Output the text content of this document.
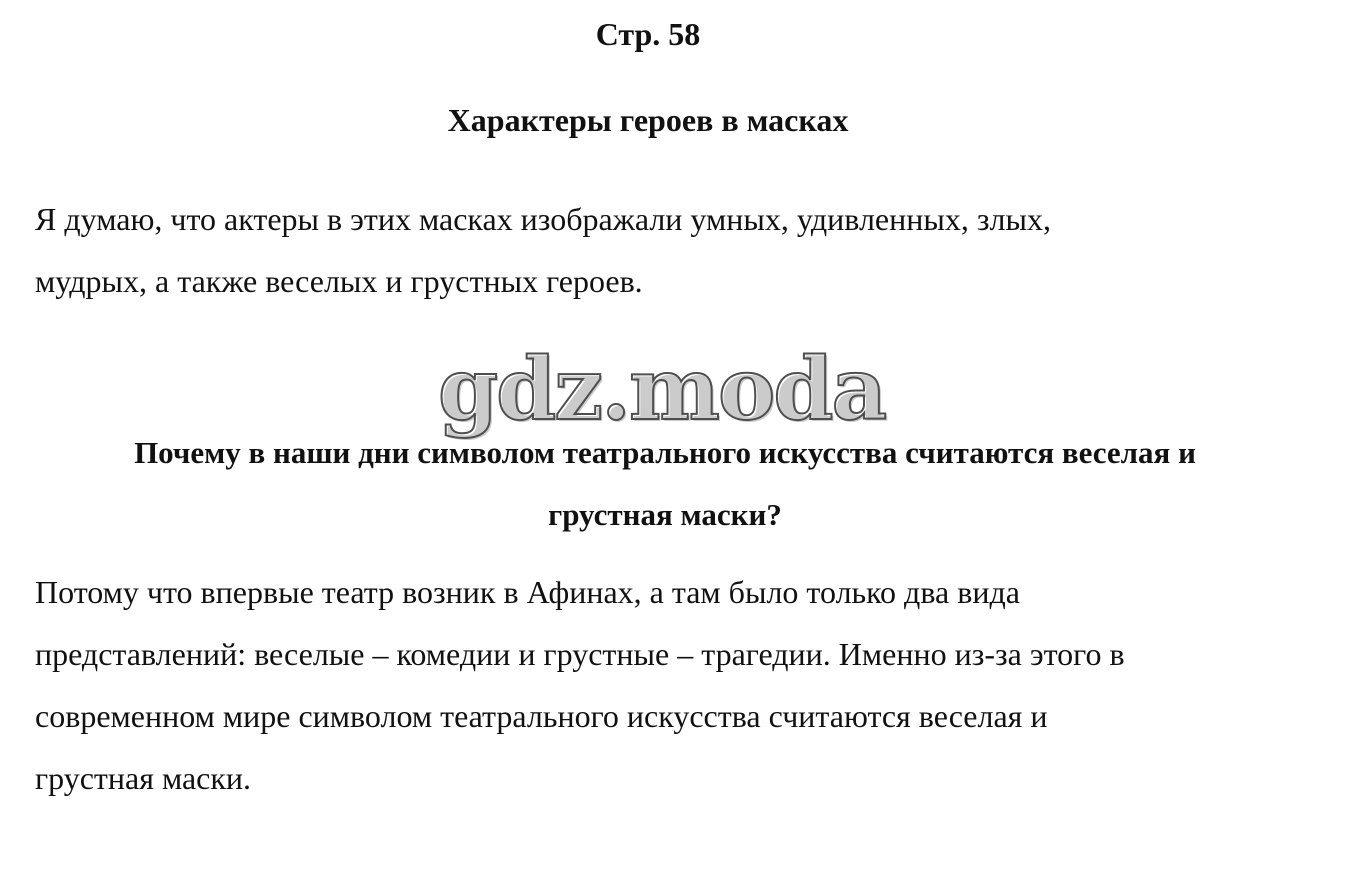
Стр. 58
Характеры героев в масках

Я думаю, что актеры в этих масках изображали умных, удивленных, злых,

мудрых, а также веселых и грустных героев.

Почему в наши дни символом театрального искусства считаются веселая и

грустная маски?

Потому что впервые театр возник в Афинах, а там было только два вида

представлений: веселые – комедии и грустные – трагедии. Именно из-за этого в

современном мире символом театрального искусства считаются веселая и

грустная маски.

gdz.moda
